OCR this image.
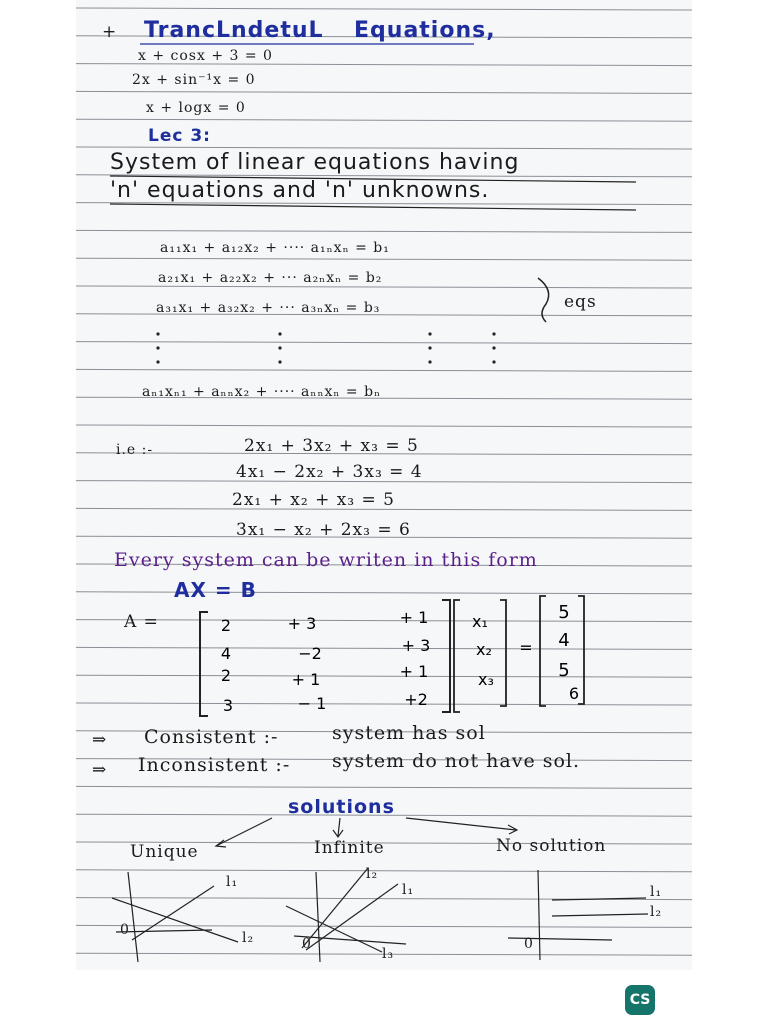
+ TrancLndetuL Equations,
x + cosx + 3 = 0
2x + sin⁻¹x = 0
x + logx = 0
Lec 3:
System of linear equations having
'n' equations and 'n' unknowns.
a₁₁x₁ + a₁₂x₂ + ···· a₁ₙxₙ = b₁
a₂₁x₁ + a₂₂x₂ + ··· a₂ₙxₙ = b₂
a₃₁x₁ + a₃₂x₂ + ··· a₃ₙxₙ = b₃	eqs
aₙ₁xₙ₁ + aₙₙx₂ + ···· aₙₙxₙ = bₙ
i.e :-	2x₁ + 3x₂ + x₃ = 5
4x₁ − 2x₂ + 3x₃ = 4
2x₁ + x₂ + x₃ = 5
3x₁ − x₂ + 2x₃ = 6
Every system can be writen in this form
AX = B
A =	2	+ 3	+ 1
4	−2	+ 3
2	+ 1	+ 1
3	− 1	+2
x₁
x₂
x₃
=
5
4
5
6
⇒ Consistent :-	system has sol
⇒ Inconsistent :- system do not have sol.
solutions
Unique	Infinite	No solution
l₁
l₂
0
l₂
l₁
l₃
0
l₁
l₂
0
CS
